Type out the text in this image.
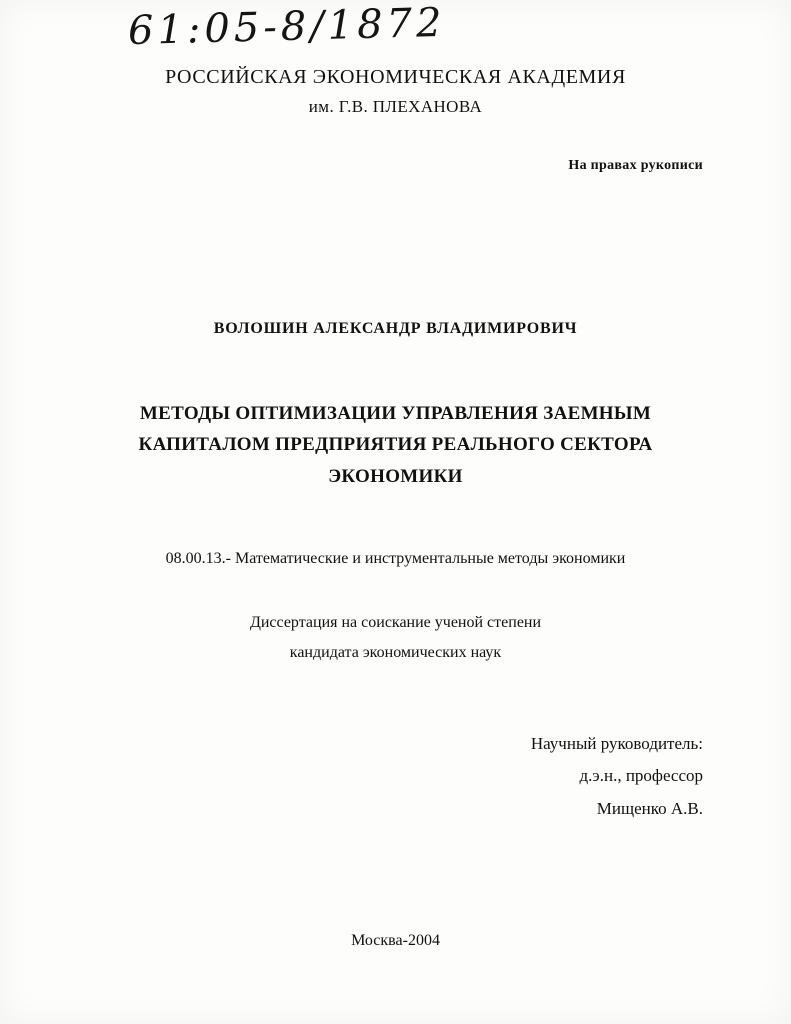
61:05-8/1872
РОССИЙСКАЯ ЭКОНОМИЧЕСКАЯ АКАДЕМИЯ
им. Г.В. ПЛЕХАНОВА
На правах рукописи
ВОЛОШИН АЛЕКСАНДР ВЛАДИМИРОВИЧ
МЕТОДЫ ОПТИМИЗАЦИИ УПРАВЛЕНИЯ ЗАЕМНЫМ
КАПИТАЛОМ ПРЕДПРИЯТИЯ РЕАЛЬНОГО СЕКТОРА
ЭКОНОМИКИ
08.00.13.- Математические и инструментальные методы экономики
Диссертация на соискание ученой степени
кандидата экономических наук
Научный руководитель:
д.э.н., профессор
Мищенко А.В.
Москва-2004
